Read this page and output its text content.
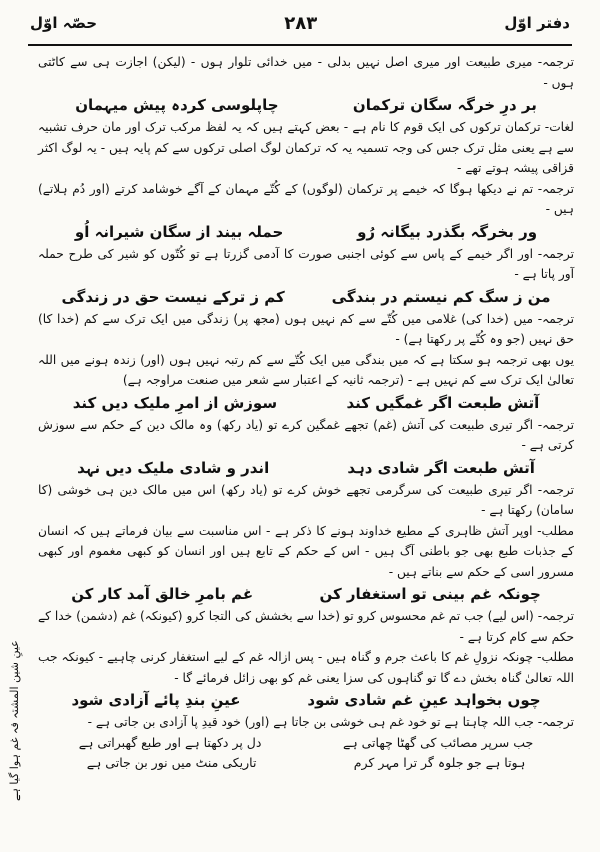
دفتر اوّل
۲۸۳
حصّہ اوّل

ترجمہ- میری طبیعت اور میری اصل نہیں بدلی - میں خدائی تلوار ہوں - (لیکن) اجازت ہی سے کاٹتی ہوں -

بر درِ خرگہ سگان ترکمان
چاپلوسی کردہ پیش میہمان

لغات- ترکمان ترکوں کی ایک قوم کا نام ہے - بعض کہتے ہیں کہ یہ لفظ مرکب ترک اور مان حرف تشبیہ سے ہے یعنی مثل ترک جس کی وجہ تسمیہ یہ کہ ترکمان لوگ اصلی ترکوں سے کم پایہ ہیں - یہ لوگ اکثر قزاقی پیشہ ہوتے تھے -

ترجمہ- تم نے دیکھا ہوگا کہ خیمے پر ترکمان (لوگوں) کے کُتّے مہمان کے آگے خوشامد کرتے (اور دُم ہلاتے) ہیں -

ور بخرگہ بگذرد بیگانہ رُو
حملہ بیند از سگان شیرانہ اُو

ترجمہ- اور اگر خیمے کے پاس سے کوئی اجنبی صورت کا آدمی گزرتا ہے تو کُتّوں کو شیر کی طرح حملہ آور پاتا ہے -

من ز سگ کم نیستم در بندگی
کم ز ترکے نیست حق در زندگی

ترجمہ- میں (خدا کی) غلامی میں کُتّے سے کم نہیں ہوں (مجھ پر) زندگی میں ایک ترک سے کم (خدا کا) حق نہیں (جو وہ کُتّے پر رکھتا ہے) -

یوں بھی ترجمہ ہو سکتا ہے کہ میں بندگی میں ایک کُتّے سے کم رتبہ نہیں ہوں (اور) زندہ ہونے میں اللہ تعالیٰ ایک ترک سے کم نہیں ہے - (ترجمہ ثانیہ کے اعتبار سے شعر میں صنعت مراوجہ ہے)

آتش طبعت اگر غمگیں کند
سوزش از امرِ ملیک دیں کند

ترجمہ- اگر تیری طبیعت کی آتش (غم) تجھے غمگین کرے تو (یاد رکھ) وہ مالک دین کے حکم سے سوزش کرتی ہے -

آتش طبعت اگر شادی دہد
اندر و شادی ملیک دیں نہد

ترجمہ- اگر تیری طبیعت کی سرگرمی تجھے خوش کرے تو (یاد رکھ) اس میں مالک دین ہی خوشی (کا سامان) رکھتا ہے -

مطلب- اوپر آتش ظاہری کے مطیع خداوند ہونے کا ذکر ہے - اس مناسبت سے بیان فرماتے ہیں کہ انسان کے جذبات طبع بھی جو باطنی آگ ہیں - اس کے حکم کے تابع ہیں اور انسان کو کبھی مغموم اور کبھی مسرور اسی کے حکم سے بناتے ہیں -

چونکہ غم بینی تو استغفار کن
غم بامرِ خالق آمد کار کن

ترجمہ- (اس لیے) جب تم غم محسوس کرو تو (خدا سے بخشش کی التجا کرو (کیونکہ) غم (دشمن) خدا کے حکم سے کام کرتا ہے -

مطلب- چونکہ نزولِ غم کا باعث جرم و گناہ ہیں - پس ازالہ غم کے لیے استغفار کرنی چاہیے - کیونکہ جب اللہ تعالیٰ گناہ بخش دے گا تو گناہوں کی سزا یعنی غم کو بھی زائل فرمائے گا -

چوں بخواہد عینِ غم شادی شود
عینِ بندِ پائے آزادی شود

ترجمہ- جب اللہ چاہتا ہے تو خود غم ہی خوشی بن جاتا ہے (اور) خود قیدِ پا آزادی بن جاتی ہے -

جب سرپر مصائب کی گھٹا چھاتی ہے
دل پر دکھتا ہے اور طبع گھبراتی ہے
ہوتا ہے جو جلوہ گر ترا مہر کرم
تاریکی منٹ میں نور بن جاتی ہے
عینِ شین المشتہ فہ غم ہوا گیا ہے
